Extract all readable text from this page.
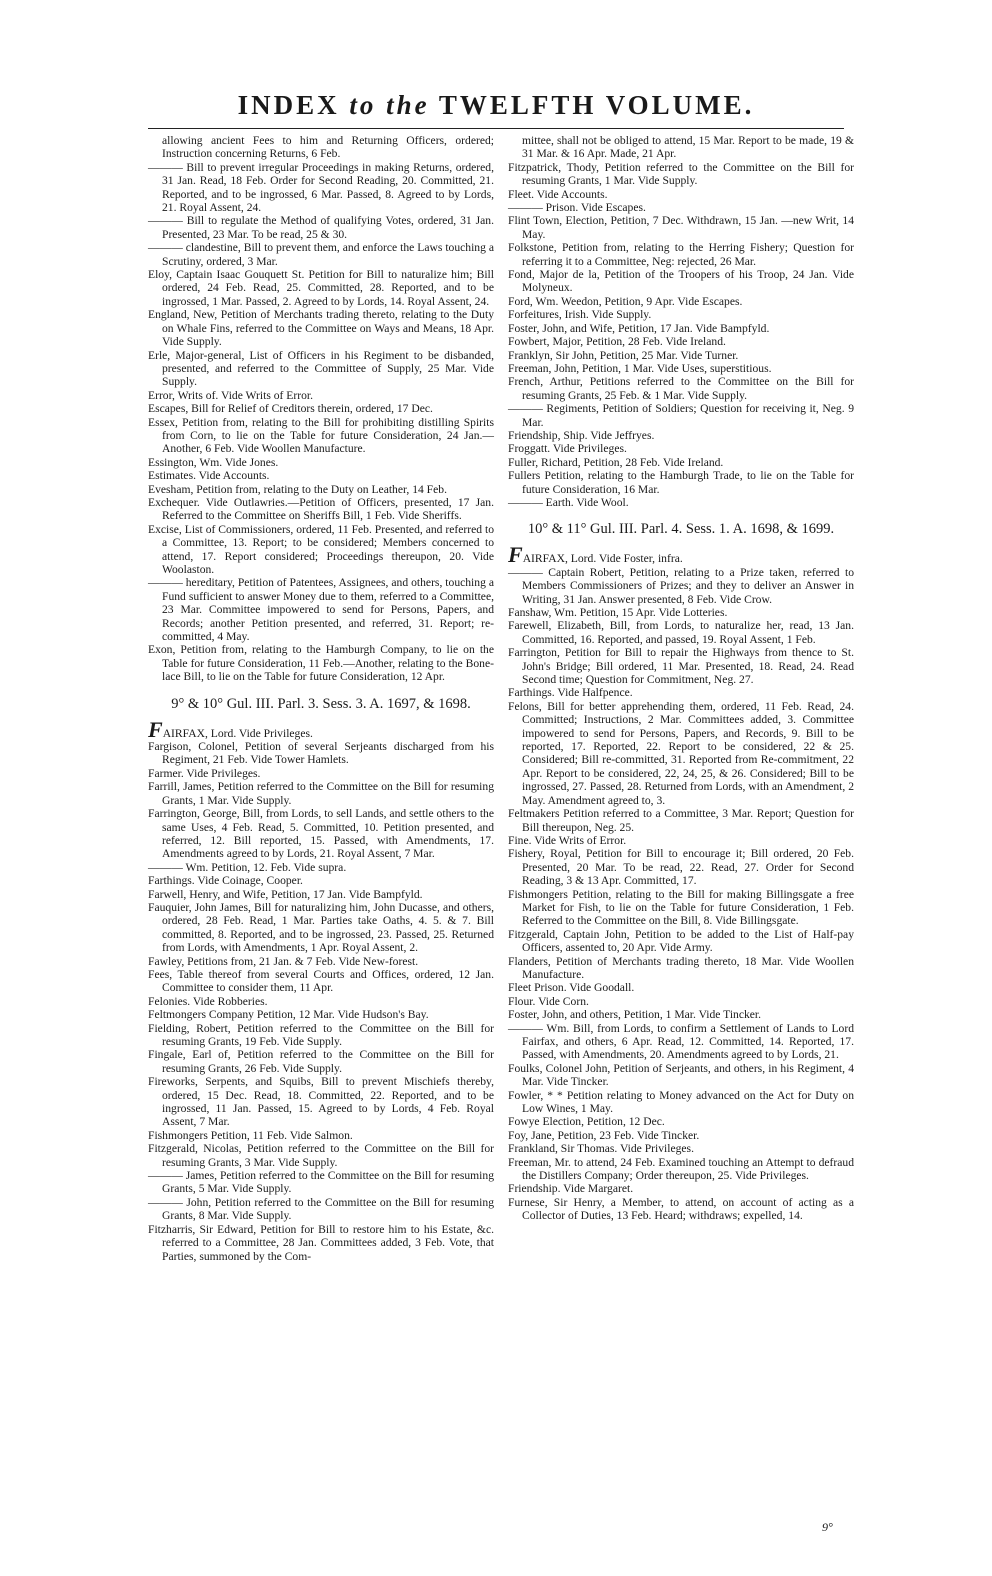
INDEX to the TWELFTH VOLUME.

allowing ancient Fees to him and Returning Officers, ordered; Instruction concerning Returns, 6 Feb.

——— Bill to prevent irregular Proceedings in making Returns, ordered, 31 Jan. Read, 18 Feb. Order for Second Reading, 20. Committed, 21. Reported, and to be ingrossed, 6 Mar. Passed, 8. Agreed to by Lords, 21. Royal Assent, 24.

——— Bill to regulate the Method of qualifying Votes, ordered, 31 Jan. Presented, 23 Mar. To be read, 25 & 30.

——— clandestine, Bill to prevent them, and enforce the Laws touching a Scrutiny, ordered, 3 Mar.

Eloy, Captain Isaac Gouquett St. Petition for Bill to naturalize him; Bill ordered, 24 Feb. Read, 25. Committed, 28. Reported, and to be ingrossed, 1 Mar. Passed, 2. Agreed to by Lords, 14. Royal Assent, 24.

England, New, Petition of Merchants trading thereto, relating to the Duty on Whale Fins, referred to the Committee on Ways and Means, 18 Apr. Vide Supply.

Erle, Major-general, List of Officers in his Regiment to be disbanded, presented, and referred to the Committee of Supply, 25 Mar. Vide Supply.

Error, Writs of. Vide Writs of Error.

Escapes, Bill for Relief of Creditors therein, ordered, 17 Dec.

Essex, Petition from, relating to the Bill for prohibiting distilling Spirits from Corn, to lie on the Table for future Consideration, 24 Jan.—Another, 6 Feb. Vide Woollen Manufacture.

Essington, Wm. Vide Jones.

Estimates. Vide Accounts.

Evesham, Petition from, relating to the Duty on Leather, 14 Feb.

Exchequer. Vide Outlawries.—Petition of Officers, presented, 17 Jan. Referred to the Committee on Sheriffs Bill, 1 Feb. Vide Sheriffs.

Excise, List of Commissioners, ordered, 11 Feb. Presented, and referred to a Committee, 13. Report; to be considered; Members concerned to attend, 17. Report considered; Proceedings thereupon, 20. Vide Woolaston.

——— hereditary, Petition of Patentees, Assignees, and others, touching a Fund sufficient to answer Money due to them, referred to a Committee, 23 Mar. Committee impowered to send for Persons, Papers, and Records; another Petition presented, and referred, 31. Report; re-committed, 4 May.

Exon, Petition from, relating to the Hamburgh Company, to lie on the Table for future Consideration, 11 Feb.—Another, relating to the Bone-lace Bill, to lie on the Table for future Consideration, 12 Apr.

9° & 10° Gul. III. Parl. 3. Sess. 3. A. 1697, & 1698.

FAIRFAX, Lord. Vide Privileges.

Fargison, Colonel, Petition of several Serjeants discharged from his Regiment, 21 Feb. Vide Tower Hamlets.

Farmer. Vide Privileges.

Farrill, James, Petition referred to the Committee on the Bill for resuming Grants, 1 Mar. Vide Supply.

Farrington, George, Bill, from Lords, to sell Lands, and settle others to the same Uses, 4 Feb. Read, 5. Committed, 10. Petition presented, and referred, 12. Bill reported, 15. Passed, with Amendments, 17. Amendments agreed to by Lords, 21. Royal Assent, 7 Mar.

——— Wm. Petition, 12. Feb. Vide supra.

Farthings. Vide Coinage, Cooper.

Farwell, Henry, and Wife, Petition, 17 Jan. Vide Bampfyld.

Fauquier, John James, Bill for naturalizing him, John Ducasse, and others, ordered, 28 Feb. Read, 1 Mar. Parties take Oaths, 4. 5. & 7. Bill committed, 8. Reported, and to be ingrossed, 23. Passed, 25. Returned from Lords, with Amendments, 1 Apr. Royal Assent, 2.

Fawley, Petitions from, 21 Jan. & 7 Feb. Vide New-forest.

Fees, Table thereof from several Courts and Offices, ordered, 12 Jan. Committee to consider them, 11 Apr.

Felonies. Vide Robberies.

Feltmongers Company Petition, 12 Mar. Vide Hudson's Bay.

Fielding, Robert, Petition referred to the Committee on the Bill for resuming Grants, 19 Feb. Vide Supply.

Fingale, Earl of, Petition referred to the Committee on the Bill for resuming Grants, 26 Feb. Vide Supply.

Fireworks, Serpents, and Squibs, Bill to prevent Mischiefs thereby, ordered, 15 Dec. Read, 18. Committed, 22. Reported, and to be ingrossed, 11 Jan. Passed, 15. Agreed to by Lords, 4 Feb. Royal Assent, 7 Mar.

Fishmongers Petition, 11 Feb. Vide Salmon.

Fitzgerald, Nicolas, Petition referred to the Committee on the Bill for resuming Grants, 3 Mar. Vide Supply.

——— James, Petition referred to the Committee on the Bill for resuming Grants, 5 Mar. Vide Supply.

——— John, Petition referred to the Committee on the Bill for resuming Grants, 8 Mar. Vide Supply.

Fitzharris, Sir Edward, Petition for Bill to restore him to his Estate, &c. referred to a Committee, 28 Jan. Committees added, 3 Feb. Vote, that Parties, summoned by the Com-

mittee, shall not be obliged to attend, 15 Mar. Report to be made, 19 & 31 Mar. & 16 Apr. Made, 21 Apr.

Fitzpatrick, Thody, Petition referred to the Committee on the Bill for resuming Grants, 1 Mar. Vide Supply.

Fleet. Vide Accounts.

——— Prison. Vide Escapes.

Flint Town, Election, Petition, 7 Dec. Withdrawn, 15 Jan. —new Writ, 14 May.

Folkstone, Petition from, relating to the Herring Fishery; Question for referring it to a Committee, Neg: rejected, 26 Mar.

Fond, Major de la, Petition of the Troopers of his Troop, 24 Jan. Vide Molyneux.

Ford, Wm. Weedon, Petition, 9 Apr. Vide Escapes.

Forfeitures, Irish. Vide Supply.

Foster, John, and Wife, Petition, 17 Jan. Vide Bampfyld.

Fowbert, Major, Petition, 28 Feb. Vide Ireland.

Franklyn, Sir John, Petition, 25 Mar. Vide Turner.

Freeman, John, Petition, 1 Mar. Vide Uses, superstitious.

French, Arthur, Petitions referred to the Committee on the Bill for resuming Grants, 25 Feb. & 1 Mar. Vide Supply.

——— Regiments, Petition of Soldiers; Question for receiving it, Neg. 9 Mar.

Friendship, Ship. Vide Jeffryes.

Froggatt. Vide Privileges.

Fuller, Richard, Petition, 28 Feb. Vide Ireland.

Fullers Petition, relating to the Hamburgh Trade, to lie on the Table for future Consideration, 16 Mar.

——— Earth. Vide Wool.

10° & 11° Gul. III. Parl. 4. Sess. 1. A. 1698, & 1699.

FAIRFAX, Lord. Vide Foster, infra.

——— Captain Robert, Petition, relating to a Prize taken, referred to Members Commissioners of Prizes; and they to deliver an Answer in Writing, 31 Jan. Answer presented, 8 Feb. Vide Crow.

Fanshaw, Wm. Petition, 15 Apr. Vide Lotteries.

Farewell, Elizabeth, Bill, from Lords, to naturalize her, read, 13 Jan. Committed, 16. Reported, and passed, 19. Royal Assent, 1 Feb.

Farrington, Petition for Bill to repair the Highways from thence to St. John's Bridge; Bill ordered, 11 Mar. Presented, 18. Read, 24. Read Second time; Question for Commitment, Neg. 27.

Farthings. Vide Halfpence.

Felons, Bill for better apprehending them, ordered, 11 Feb. Read, 24. Committed; Instructions, 2 Mar. Committees added, 3. Committee impowered to send for Persons, Papers, and Records, 9. Bill to be reported, 17. Reported, 22. Report to be considered, 22 & 25. Considered; Bill re-committed, 31. Reported from Re-commitment, 22 Apr. Report to be considered, 22, 24, 25, & 26. Considered; Bill to be ingrossed, 27. Passed, 28. Returned from Lords, with an Amendment, 2 May. Amendment agreed to, 3.

Feltmakers Petition referred to a Committee, 3 Mar. Report; Question for Bill thereupon, Neg. 25.

Fine. Vide Writs of Error.

Fishery, Royal, Petition for Bill to encourage it; Bill ordered, 20 Feb. Presented, 20 Mar. To be read, 22. Read, 27. Order for Second Reading, 3 & 13 Apr. Committed, 17.

Fishmongers Petition, relating to the Bill for making Billingsgate a free Market for Fish, to lie on the Table for future Consideration, 1 Feb. Referred to the Committee on the Bill, 8. Vide Billingsgate.

Fitzgerald, Captain John, Petition to be added to the List of Half-pay Officers, assented to, 20 Apr. Vide Army.

Flanders, Petition of Merchants trading thereto, 18 Mar. Vide Woollen Manufacture.

Fleet Prison. Vide Goodall.

Flour. Vide Corn.

Foster, John, and others, Petition, 1 Mar. Vide Tincker.

——— Wm. Bill, from Lords, to confirm a Settlement of Lands to Lord Fairfax, and others, 6 Apr. Read, 12. Committed, 14. Reported, 17. Passed, with Amendments, 20. Amendments agreed to by Lords, 21.

Foulks, Colonel John, Petition of Serjeants, and others, in his Regiment, 4 Mar. Vide Tincker.

Fowler, * * Petition relating to Money advanced on the Act for Duty on Low Wines, 1 May.

Fowye Election, Petition, 12 Dec.

Foy, Jane, Petition, 23 Feb. Vide Tincker.

Frankland, Sir Thomas. Vide Privileges.

Freeman, Mr. to attend, 24 Feb. Examined touching an Attempt to defraud the Distillers Company; Order thereupon, 25. Vide Privileges.

Friendship. Vide Margaret.

Furnese, Sir Henry, a Member, to attend, on account of acting as a Collector of Duties, 13 Feb. Heard; withdraws; expelled, 14.

9°
